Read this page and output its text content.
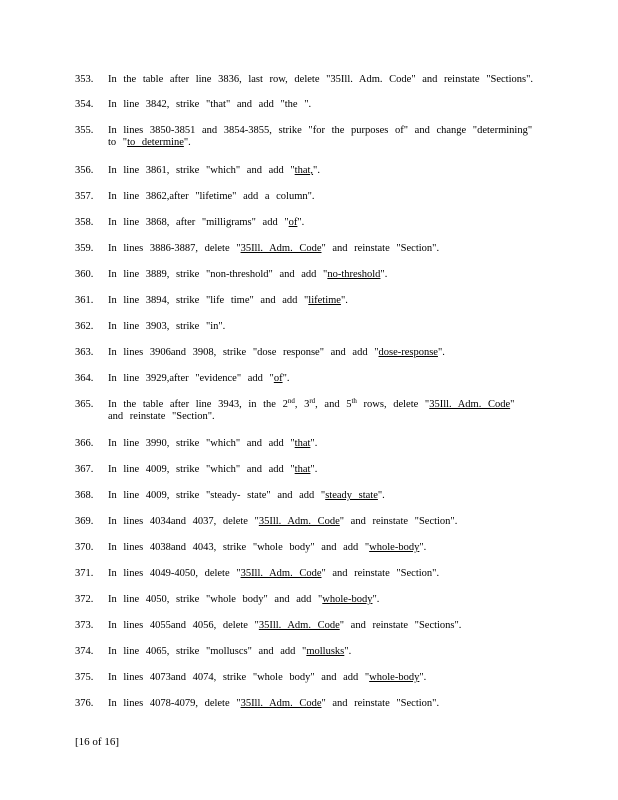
353.	In the table after line 3836, last row, delete "35Ill. Adm. Code" and reinstate "Sections".
354.	In line 3842, strike "that" and add "the ".
355.	In lines 3850-3851 and 3854-3855, strike "for the purposes of" and change "determining" to "to determine".
356.	In line 3861, strike "which" and add "that,".
357.	In line 3862,after "lifetime" add a column".
358.	In line 3868, after "milligrams" add "of".
359.	In lines 3886-3887, delete "35Ill. Adm. Code" and reinstate "Section".
360.	In line 3889, strike "non-threshold" and add "no-threshold".
361.	In line 3894, strike "life time" and add "lifetime".
362.	In line 3903, strike "in".
363.	In lines 3906and 3908, strike "dose response" and add "dose-response".
364.	In line 3929,after "evidence" add "of".
365.	In the table after line 3943, in the 2nd, 3rd, and 5th rows, delete "35Ill. Adm. Code" and reinstate "Section".
366.	In line 3990, strike "which" and add "that".
367.	In line 4009, strike "which" and add "that".
368.	In line 4009, strike "steady- state" and add "steady state".
369.	In lines 4034and 4037, delete "35Ill. Adm. Code" and reinstate "Section".
370.	In lines 4038and 4043, strike "whole body" and add "whole-body".
371.	In lines 4049-4050, delete "35Ill. Adm. Code" and reinstate "Section".
372.	In line 4050, strike "whole body" and add "whole-body".
373.	In lines 4055and 4056, delete "35Ill. Adm. Code" and reinstate "Sections".
374.	In line 4065, strike "molluscs" and add "mollusks".
375.	In lines 4073and 4074, strike "whole body" and add "whole-body".
376.	In lines 4078-4079, delete "35Ill. Adm. Code" and reinstate "Section".
[16 of 16]
